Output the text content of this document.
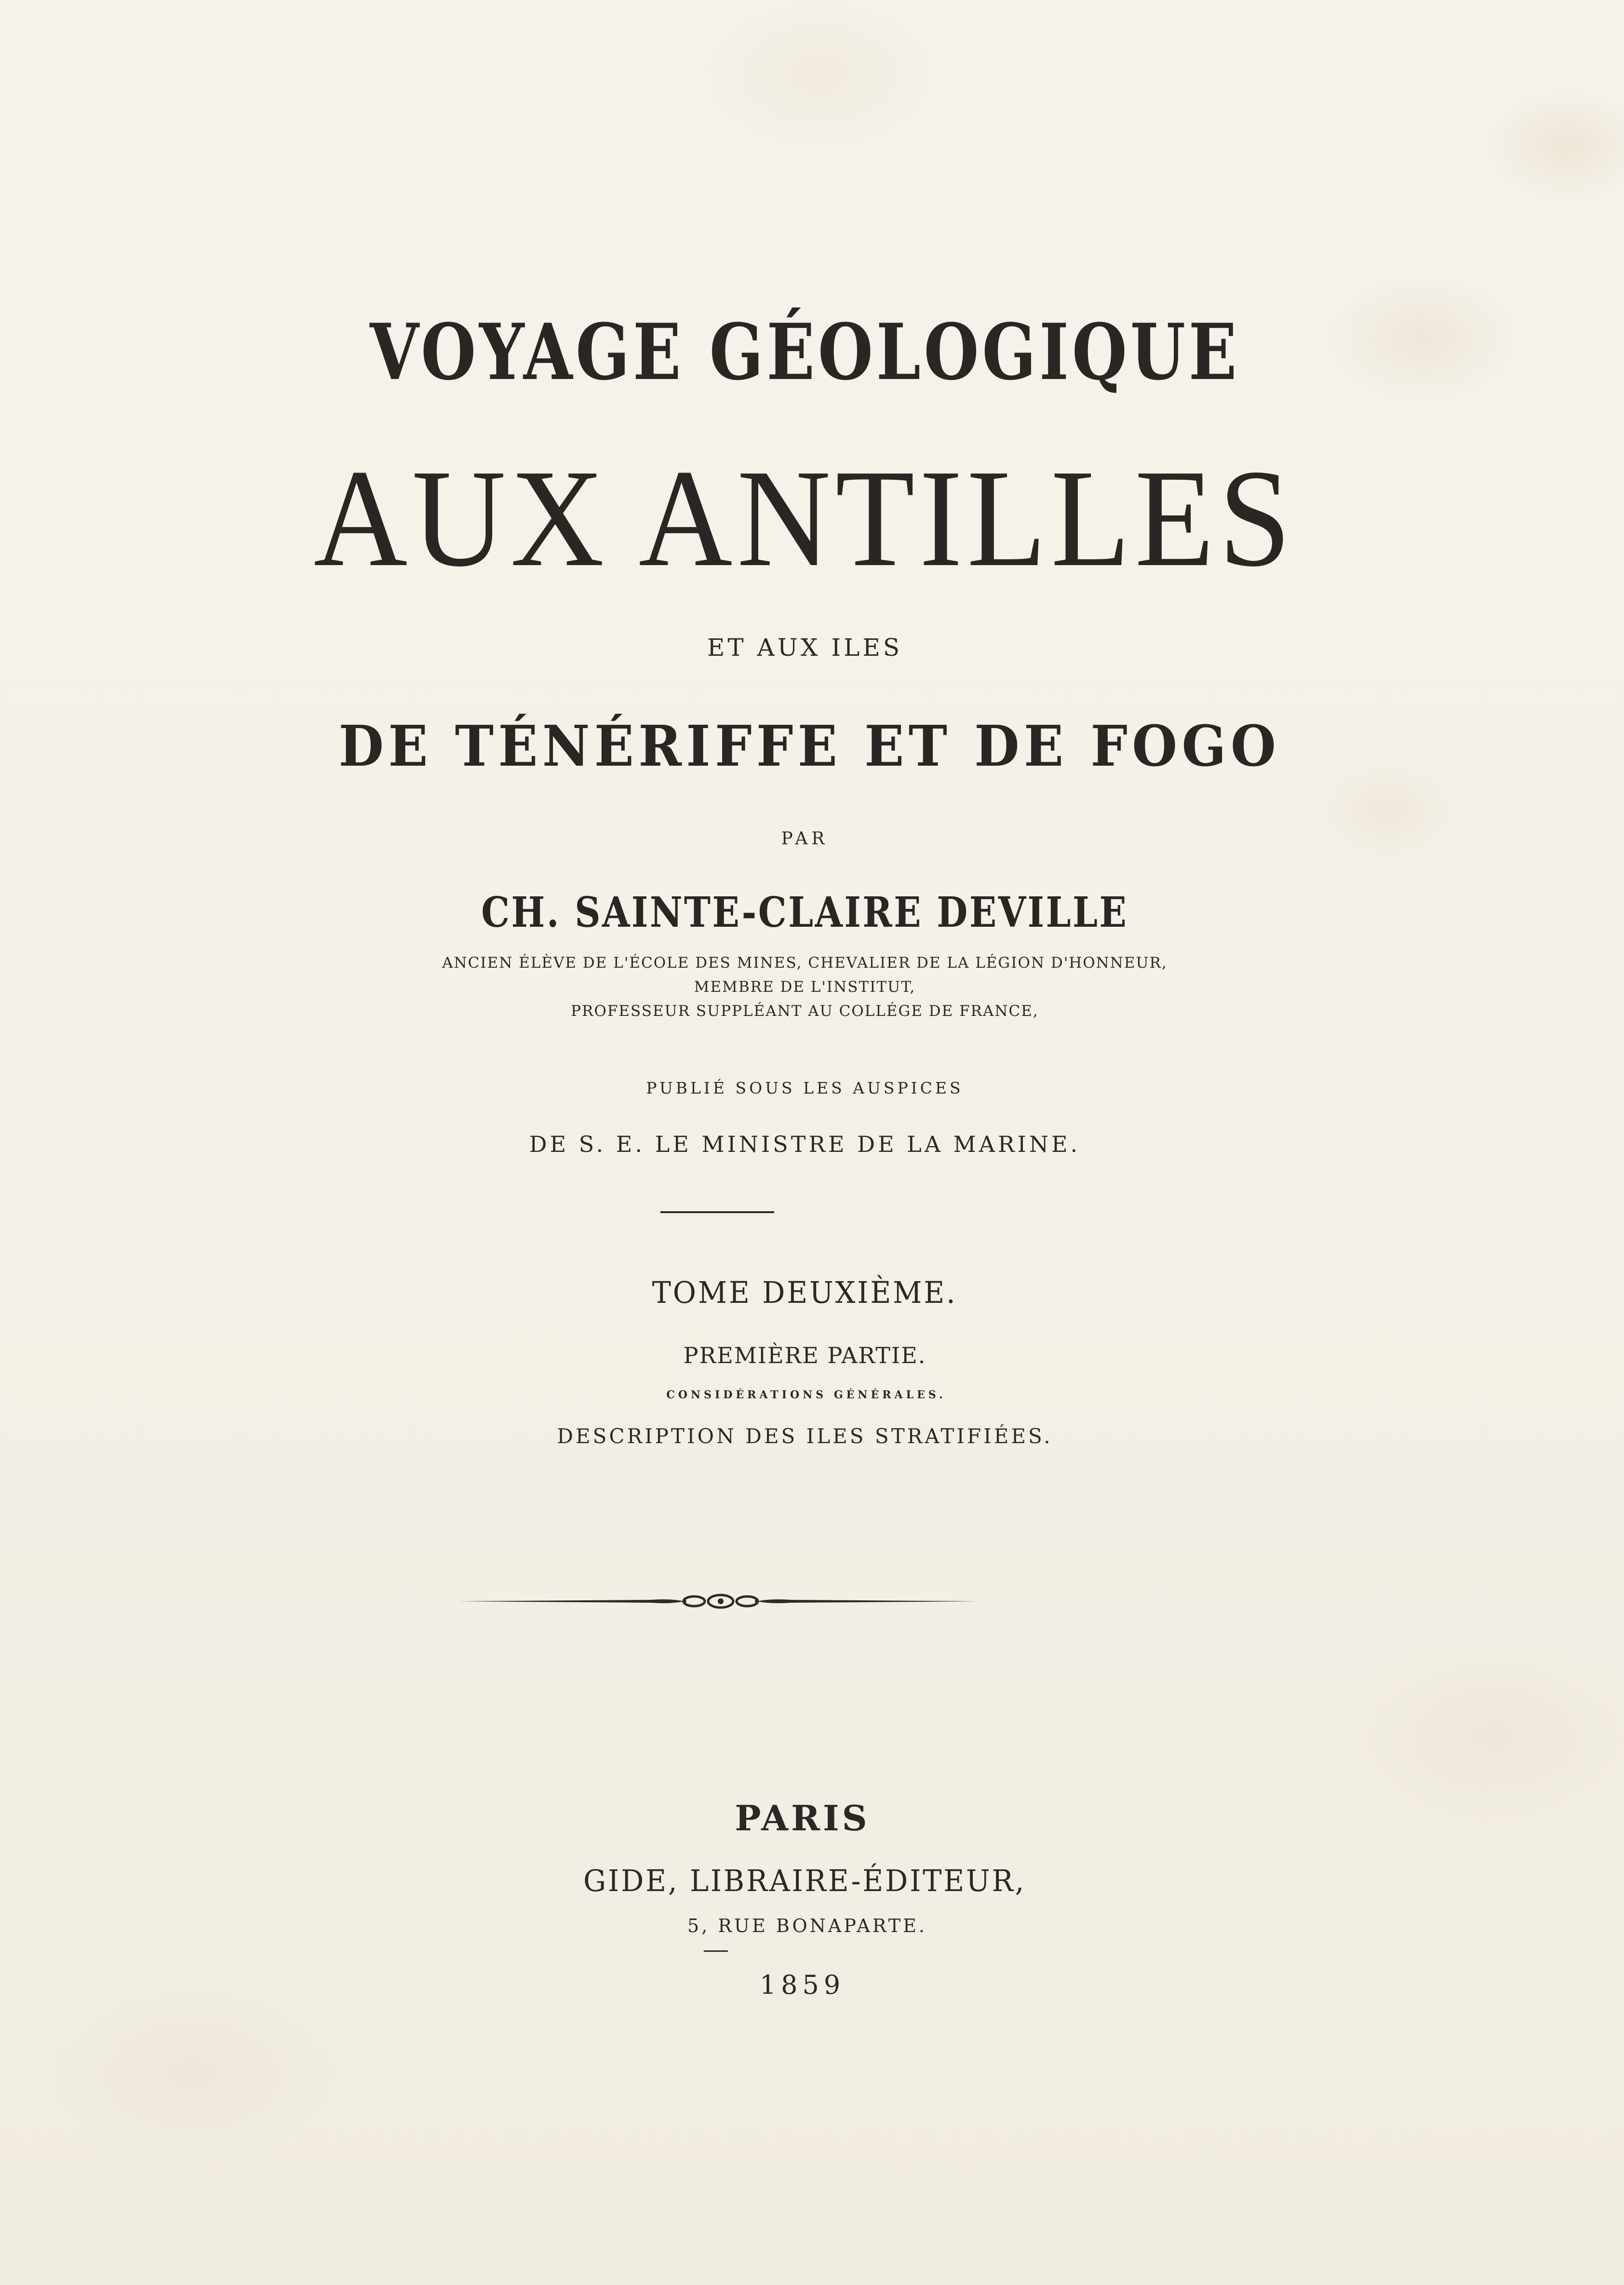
VOYAGE GÉOLOGIQUE
AUX ANTILLES
ET AUX ILES
DE TÉNÉRIFFE ET DE FOGO
PAR
CH. SAINTE-CLAIRE DEVILLE
ANCIEN ÉLÈVE DE L'ÉCOLE DES MINES, CHEVALIER DE LA LÉGION D'HONNEUR,
MEMBRE DE L'INSTITUT,
PROFESSEUR SUPPLÉANT AU COLLÉGE DE FRANCE,
PUBLIÉ SOUS LES AUSPICES
DE S. E. LE MINISTRE DE LA MARINE.
TOME DEUXIÈME.
PREMIÈRE PARTIE.
CONSIDÉRATIONS GÉNÉRALES.
DESCRIPTION DES ILES STRATIFIÉES.
PARIS
GIDE, LIBRAIRE-ÉDITEUR,
5, RUE BONAPARTE.
1859
